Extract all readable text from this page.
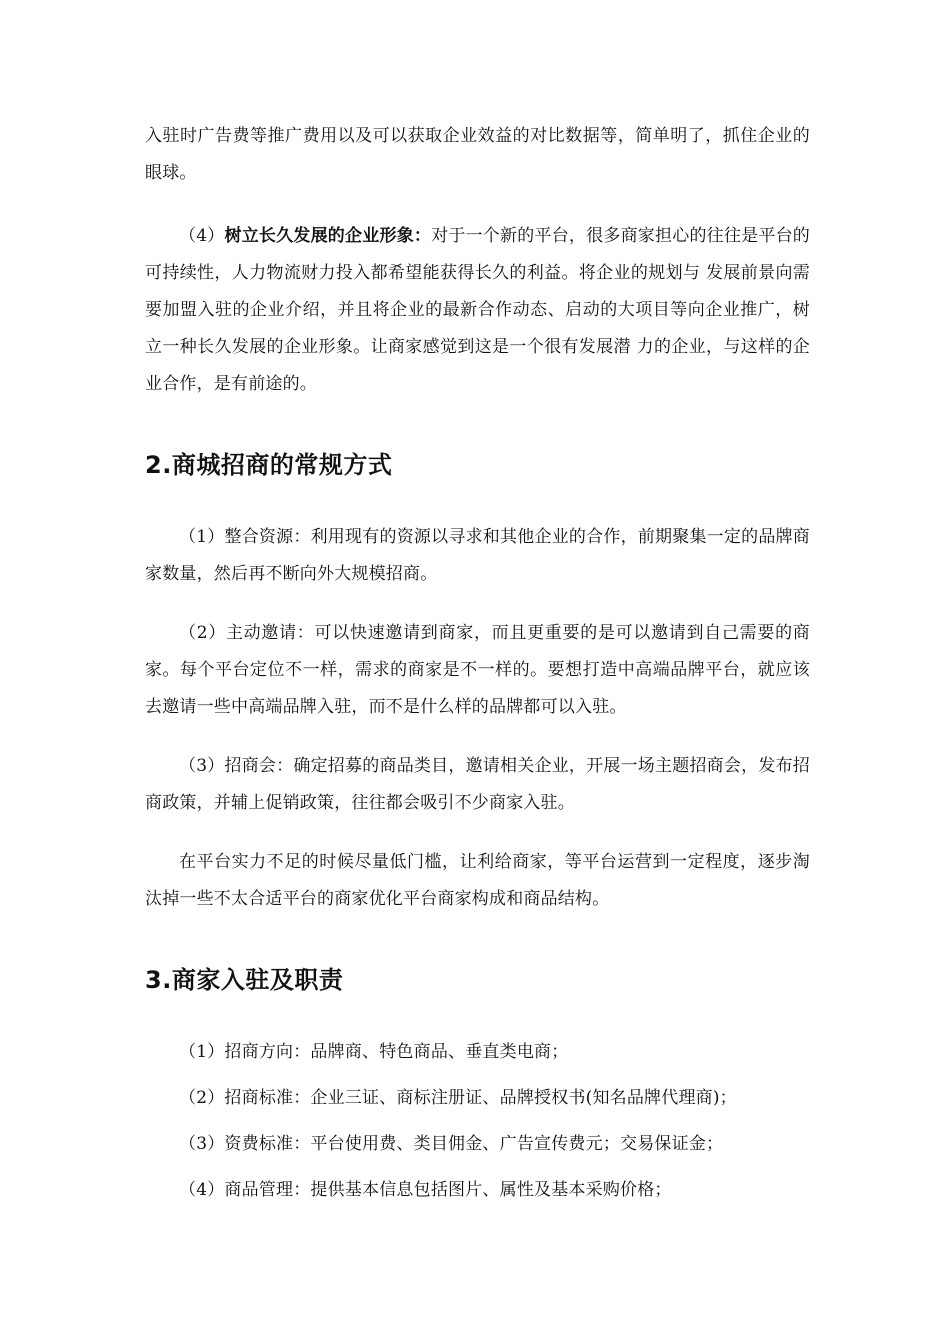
入驻时广告费等推广费用以及可以获取企业效益的对比数据等，简单明了，抓住企业的眼球。

（4）树立长久发展的企业形象：对于一个新的平台，很多商家担心的往往是平台的可持续性，人力物流财力投入都希望能获得长久的利益。将企业的规划与 发展前景向需要加盟入驻的企业介绍，并且将企业的最新合作动态、启动的大项目等向企业推广，树立一种长久发展的企业形象。让商家感觉到这是一个很有发展潜 力的企业，与这样的企业合作，是有前途的。

2.商城招商的常规方式

（1）整合资源：利用现有的资源以寻求和其他企业的合作，前期聚集一定的品牌商家数量，然后再不断向外大规模招商。

（2）主动邀请：可以快速邀请到商家，而且更重要的是可以邀请到自己需要的商家。每个平台定位不一样，需求的商家是不一样的。要想打造中高端品牌平台，就应该去邀请一些中高端品牌入驻，而不是什么样的品牌都可以入驻。

（3）招商会：确定招募的商品类目，邀请相关企业，开展一场主题招商会，发布招商政策，并辅上促销政策，往往都会吸引不少商家入驻。

在平台实力不足的时候尽量低门槛，让利给商家，等平台运营到一定程度，逐步淘汰掉一些不太合适平台的商家优化平台商家构成和商品结构。

3.商家入驻及职责

（1）招商方向：品牌商、特色商品、垂直类电商；

（2）招商标准：企业三证、商标注册证、品牌授权书(知名品牌代理商)；

（3）资费标准：平台使用费、类目佣金、广告宣传费元；交易保证金；

（4）商品管理：提供基本信息包括图片、属性及基本采购价格；
